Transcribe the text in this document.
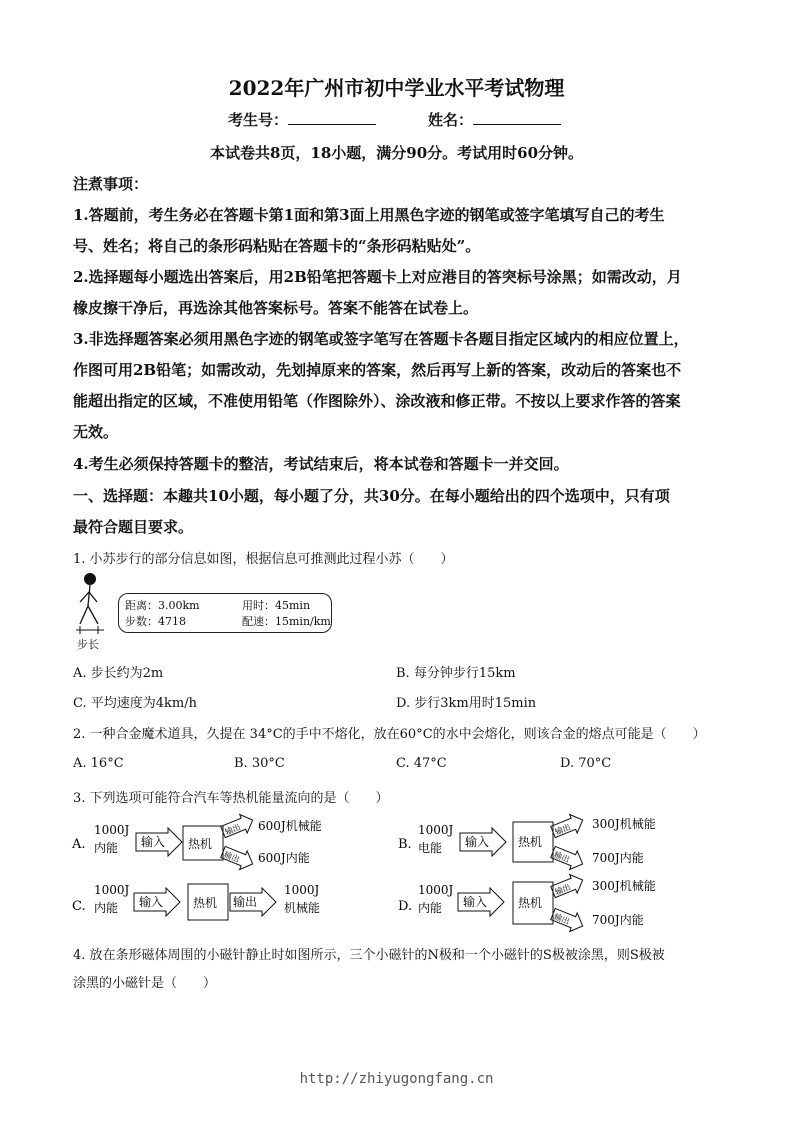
2022年广州市初中学业水平考试物理
考生号：	姓名：
本试卷共8页，18小题，满分90分。考试用时60分钟。
注煮事项：
1.答题前，考生务必在答题卡第1面和第3面上用黑色字迹的钢笔或签字笔填写自己的考生
号、姓名；将自己的条形码粘贴在答题卡的“条形码粘贴处”。
2.选择题每小题选出答案后，用2B铅笔把答题卡上对应港目的答突标号涂黑；如需改动，月
橡皮擦干净后，再选涂其他答案标号。答案不能答在试卷上。
3.非选择题答案必须用黑色字迹的钢笔或签字笔写在答题卡各题目指定区域内的相应位置上，
作图可用2B铅笔；如需改动，先划掉原来的答案，然后再写上新的答案，改动后的答案也不
能超出指定的区域，不准使用铅笔（作图除外）、涂改液和修正带。不按以上要求作答的答案
无效。
4.考生必须保持答题卡的整洁，考试结束后，将本试卷和答题卡一并交回。
一、选择题：本趣共10小题，每小题了分，共30分。在每小题给出的四个选项中，只有项
最符合题目要求。
1. 小苏步行的部分信息如图，根据信息可推测此过程小苏（　　）
步长
距离：3.00km
步数：4718
用时：45min
配速：15min/km
A. 步长约为2m	B. 每分钟步行15km
C. 平均速度为4km/h	D. 步行3km用时15min
2. 一种合金魔术道具，久提在 34°C的手中不熔化，放在60°C的水中会熔化，则该合金的熔点可能是（　　）
A. 16°C	B. 30°C	C. 47°C	D. 70°C
3. 下列选项可能符合汽车等热机能量流向的是（　　）
A.
1000J
内能 输入 热机
输出
输出
600J机械能
600J内能
B.
1000J
电能 输入 热机
输出
输出
300J机械能
700J内能
C.
1000J
内能 输入 热机 输出
1000J
机械能	D.
1000J
内能 输入	热机
输出
输出
300J机械能
700J内能
4. 放在条形磁体周围的小磁针静止时如图所示，三个小磁针的N极和一个小磁针的S极被涂黑，则S极被
涂黑的小磁针是（　　）
http://zhiyugongfang.cn
